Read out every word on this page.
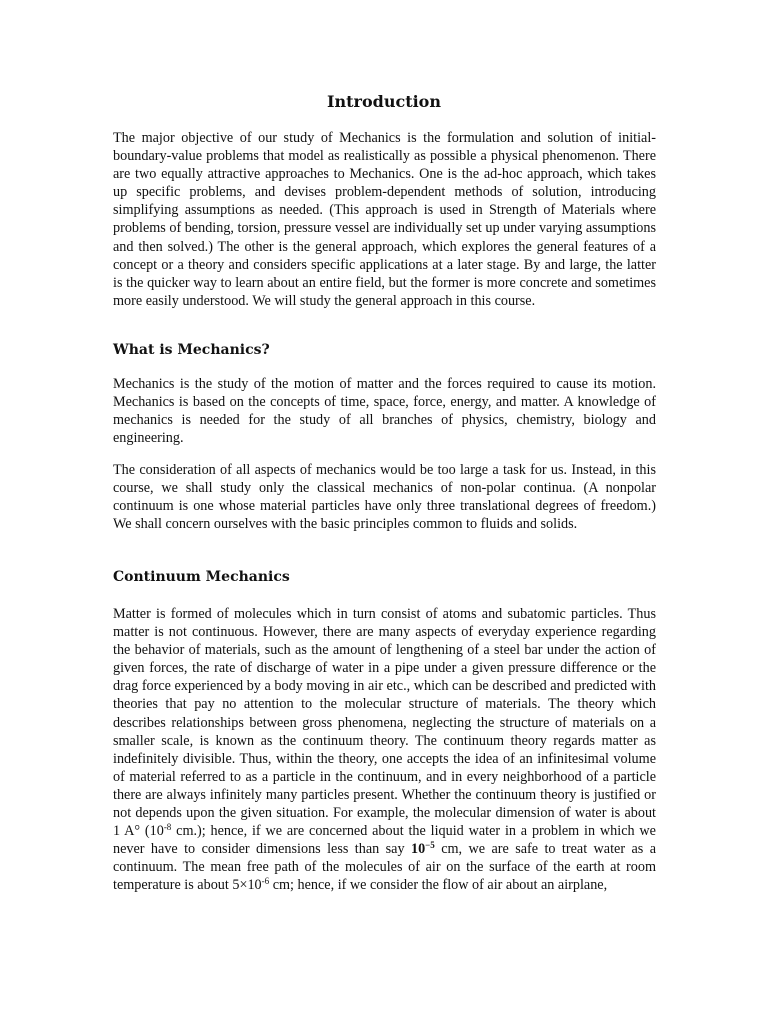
Introduction

The major objective of our study of Mechanics is the formulation and solution of initial-boundary-value problems that model as realistically as possible a physical phenomenon. There are two equally attractive approaches to Mechanics. One is the ad-hoc approach, which takes up specific problems, and devises problem-dependent methods of solution, introducing simplifying assumptions as needed. (This approach is used in Strength of Materials where problems of bending, torsion, pressure vessel are individually set up under varying assumptions and then solved.) The other is the general approach, which explores the general features of a concept or a theory and considers specific applications at a later stage. By and large, the latter is the quicker way to learn about an entire field, but the former is more concrete and sometimes more easily understood. We will study the general approach in this course.

What is Mechanics?

Mechanics is the study of the motion of matter and the forces required to cause its motion. Mechanics is based on the concepts of time, space, force, energy, and matter. A knowledge of mechanics is needed for the study of all branches of physics, chemistry, biology and engineering.

The consideration of all aspects of mechanics would be too large a task for us. Instead, in this course, we shall study only the classical mechanics of non-polar continua. (A nonpolar continuum is one whose material particles have only three translational degrees of freedom.) We shall concern ourselves with the basic principles common to fluids and solids.

Continuum Mechanics

Matter is formed of molecules which in turn consist of atoms and subatomic particles. Thus matter is not continuous. However, there are many aspects of everyday experience regarding the behavior of materials, such as the amount of lengthening of a steel bar under the action of given forces, the rate of discharge of water in a pipe under a given pressure difference or the drag force experienced by a body moving in air etc., which can be described and predicted with theories that pay no attention to the molecular structure of materials. The theory which describes relationships between gross phenomena, neglecting the structure of materials on a smaller scale, is known as the continuum theory. The continuum theory regards matter as indefinitely divisible. Thus, within the theory, one accepts the idea of an infinitesimal volume of material referred to as a particle in the continuum, and in every neighborhood of a particle there are always infinitely many particles present. Whether the continuum theory is justified or not depends upon the given situation. For example, the molecular dimension of water is about 1 A° ($10^{-8}$ cm.); hence, if we are concerned about the liquid water in a problem in which we never have to consider dimensions less than say $10^{-5}$ cm, we are safe to treat water as a continuum. The mean free path of the molecules of air on the surface of the earth at room temperature is about $5\times 10^{-6}$ cm; hence, if we consider the flow of air about an airplane,
